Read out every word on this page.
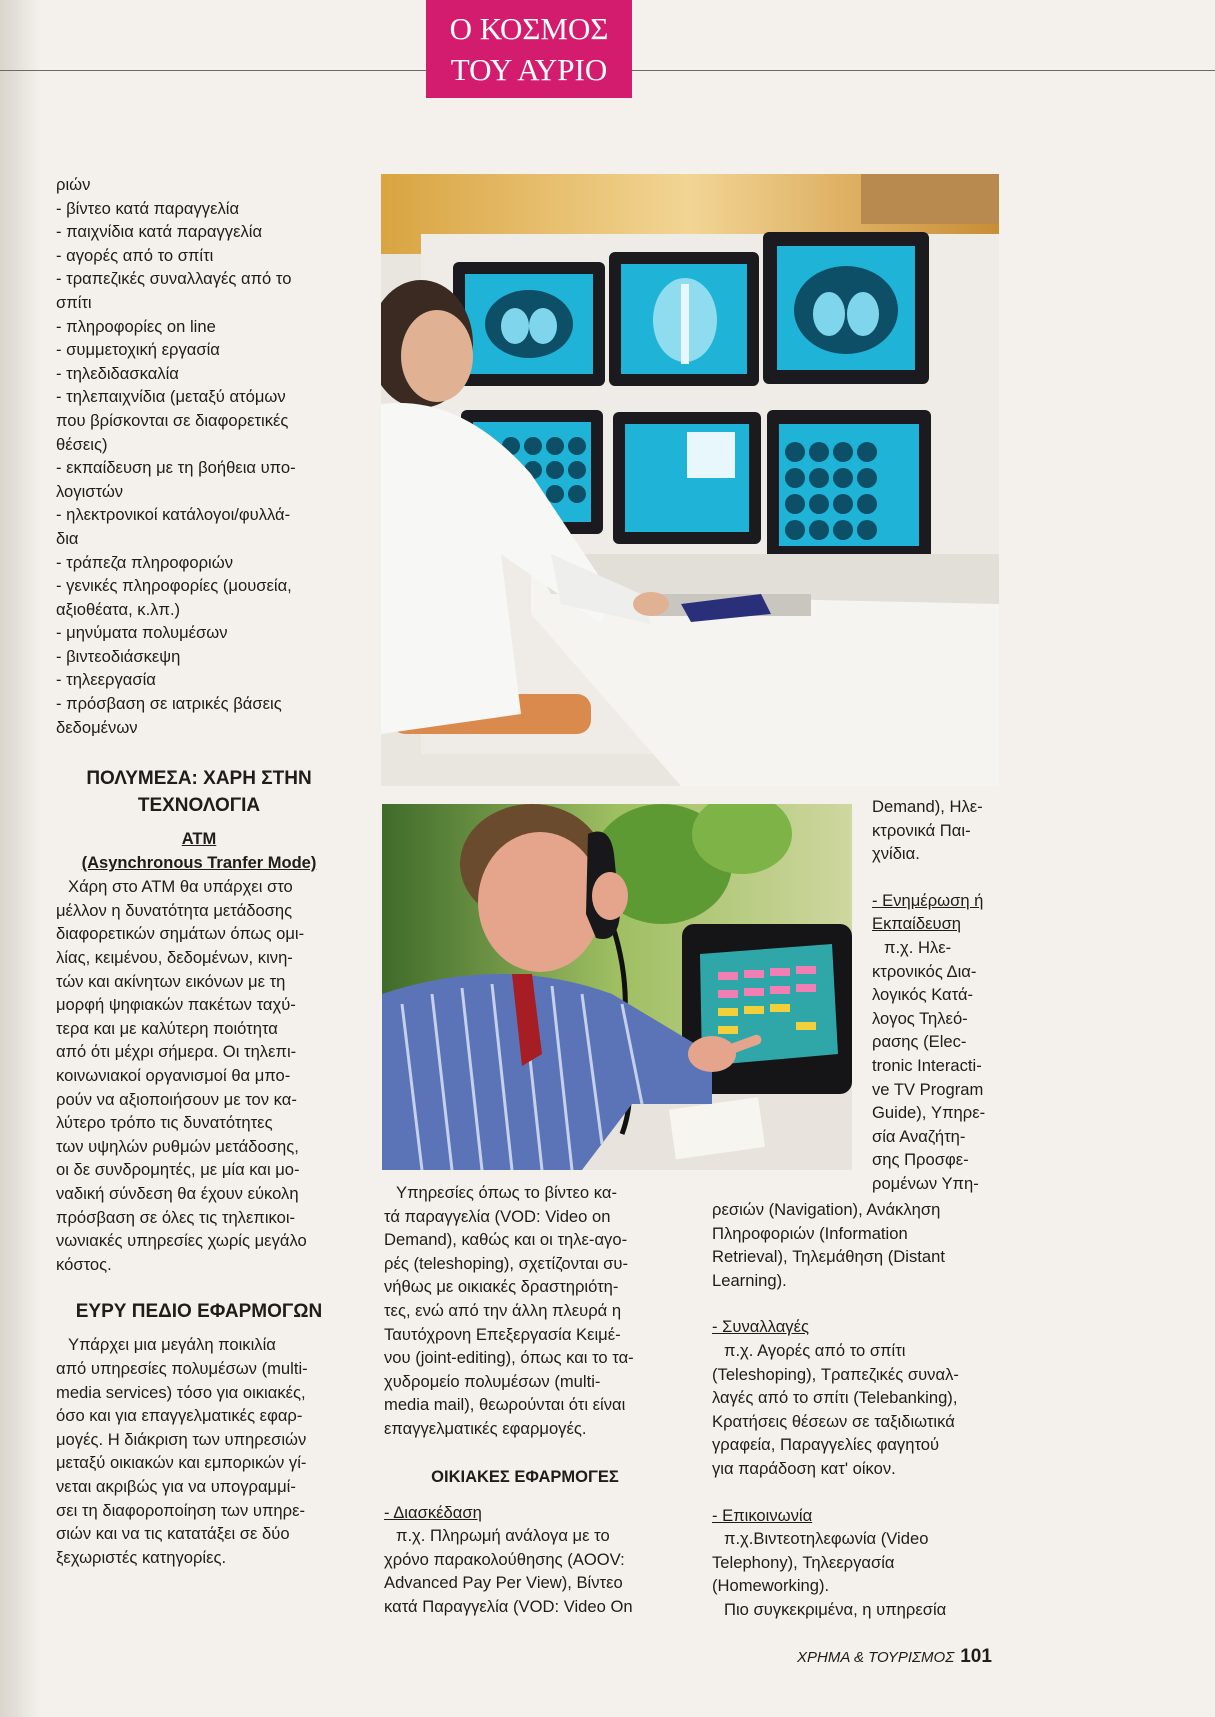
Ο ΚΟΣΜΟΣ
ΤΟΥ ΑΥΡΙΟ
ριών
- βίντεο κατά παραγγελία
- παιχνίδια κατά παραγγελία
- αγορές από το σπίτι
- τραπεζικές συναλλαγές από το
σπίτι
- πληροφορίες on line
- συμμετοχική εργασία
- τηλεδιδασκαλία
- τηλεπαιχνίδια (μεταξύ ατόμων
που βρίσκονται σε διαφορετικές
θέσεις)
- εκπαίδευση με τη βοήθεια υπο-
λογιστών
- ηλεκτρονικοί κατάλογοι/φυλλά-
δια
- τράπεζα πληροφοριών
- γενικές πληροφορίες (μουσεία,
αξιοθέατα, κ.λπ.)
- μηνύματα πολυμέσων
- βιντεοδιάσκεψη
- τηλεεργασία
- πρόσβαση σε ιατρικές βάσεις
δεδομένων
ΠΟΛΥΜΕΣΑ: ΧΑΡΗ ΣΤΗΝ
ΤΕΧΝΟΛΟΓΙΑ
ATM
(Asynchronous Tranfer Mode)
Χάρη στο ΑΤΜ θα υπάρχει στο
μέλλον η δυνατότητα μετάδοσης
διαφορετικών σημάτων όπως ομι-
λίας, κειμένου, δεδομένων, κινη-
τών και ακίνητων εικόνων με τη
μορφή ψηφιακών πακέτων ταχύ-
τερα και με καλύτερη ποιότητα
από ότι μέχρι σήμερα. Οι τηλεπι-
κοινωνιακοί οργανισμοί θα μπο-
ρούν να αξιοποιήσουν με τον κα-
λύτερο τρόπο τις δυνατότητες
των υψηλών ρυθμών μετάδοσης,
οι δε συνδρομητές, με μία και μο-
ναδική σύνδεση θα έχουν εύκολη
πρόσβαση σε όλες τις τηλεπικοι-
νωνιακές υπηρεσίες χωρίς μεγάλο
κόστος.
ΕΥΡΥ ΠΕΔΙΟ ΕΦΑΡΜΟΓΩΝ
Υπάρχει μια μεγάλη ποικιλία
από υπηρεσίες πολυμέσων (multi-
media services) τόσο για οικιακές,
όσο και για επαγγελματικές εφαρ-
μογές. Η διάκριση των υπηρεσιών
μεταξύ οικιακών και εμπορικών γί-
νεται ακριβώς για να υπογραμμί-
σει τη διαφοροποίηση των υπηρε-
σιών και να τις κατατάξει σε δύο
ξεχωριστές κατηγορίες.
Υπηρεσίες όπως το βίντεο κα-
τά παραγγελία (VOD: Video on
Demand), καθώς και οι τηλε-αγο-
ρές (teleshoping), σχετίζονται συ-
νήθως με οικιακές δραστηριότη-
τες, ενώ από την άλλη πλευρά η
Ταυτόχρονη Επεξεργασία Κειμέ-
νου (joint-editing), όπως και το τα-
χυδρομείο πολυμέσων (multi-
media mail), θεωρούνται ότι είναι
επαγγελματικές εφαρμογές.
ΟΙΚΙΑΚΕΣ ΕΦΑΡΜΟΓΕΣ
- Διασκέδαση
π.χ. Πληρωμή ανάλογα με το
χρόνο παρακολούθησης (AOOV:
Advanced Pay Per View), Βίντεο
κατά Παραγγελία (VOD: Video On
Demand), Ηλε-
κτρονικά Παι-
χνίδια.
- Ενημέρωση ή
Εκπαίδευση
π.χ. Ηλε-
κτρονικός Δια-
λογικός Κατά-
λογος Τηλεό-
ρασης (Elec-
tronic Interacti-
ve TV Program
Guide), Υπηρε-
σία Αναζήτη-
σης Προσφε-
ρομένων Υπη-
ρεσιών (Navigation), Ανάκληση
Πληροφοριών (Information
Retrieval), Τηλεμάθηση (Distant
Learning).
- Συναλλαγές
π.χ. Αγορές από το σπίτι
(Teleshoping), Τραπεζικές συναλ-
λαγές από το σπίτι (Telebanking),
Κρατήσεις θέσεων σε ταξιδιωτικά
γραφεία, Παραγγελίες φαγητού
για παράδοση κατ' οίκον.
- Επικοινωνία
π.χ.Βιντεοτηλεφωνία (Video
Telephony), Τηλεεργασία
(Homeworking).
Πιο συγκεκριμένα, η υπηρεσία
ΧΡΗΜΑ & ΤΟΥΡΙΣΜΟΣ 101
